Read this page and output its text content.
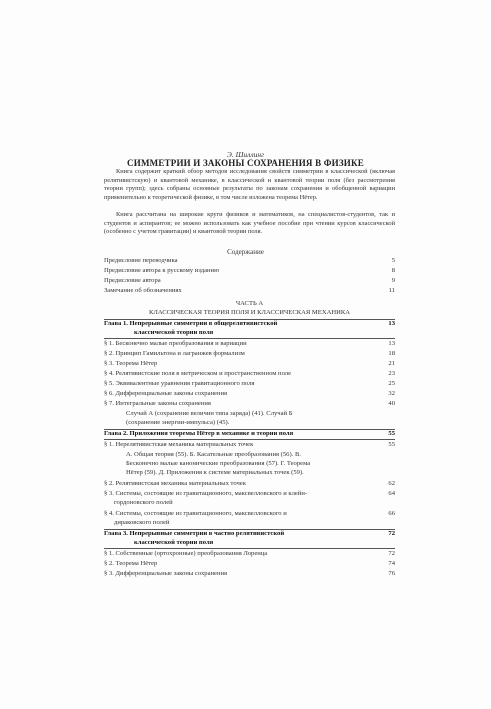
Э. Шиллинг
СИММЕТРИИ И ЗАКОНЫ СОХРАНЕНИЯ В ФИЗИКЕ
Книга содержит краткий обзор методов исследования свойств симметрии в классической (включая релятивистскую) и квантовой механике, в классической и квантовой теории поля (без рассмотрения теории групп); здесь собраны основные результаты по законам сохранения и обобщенной вариации применительно к теоретической физике, в том числе изложена теорема Нётер.
Книга рассчитана на широкие круги физиков и математиков, на специалистов-студентов, так и студентов и аспирантов; ее можно использовать как учебное пособие при чтении курсов классической (особенно с учетом гравитации) и квантовой теории поля.
Содержание
Предисловие переводчика	5
Предисловие автора к русскому изданию	8
Предисловие автора	9
Замечание об обозначениях	11
ЧАСТЬ А
КЛАССИЧЕСКАЯ ТЕОРИЯ ПОЛЯ И КЛАССИЧЕСКАЯ МЕХАНИКА
Глава 1. Непрерывные симметрии в общерелятивистской	13
классической теории поля
§ 1. Бесконечно малые преобразования и вариации	13
§ 2. Принцип Гамильтона и лагранжев формализм	18
§ 3. Теорема Нётер	21
§ 4. Релятивистские поля в метрическом и пространственном поле	23
§ 5. Эквивалентные уравнения гравитационного поля	25
§ 6. Дифференциальные законы сохранения	32
§ 7. Интегральные законы сохранения	40
Случай А (сохранение величин типа заряда) (41). Случай Б
(сохранение энергии-импульса) (45).
Глава 2. Приложения теоремы Нётер в механике и теории поля	55
§ 1. Нерелятивистская механика материальных точек	55
А. Общая теория (55). Б. Касательные преобразования (56). В.
Бесконечно малые канонические преобразования (57). Г. Теорема
Нётер (59). Д. Приложения к системе материальных точек (59).
§ 2. Релятивистская механика материальных точек	62
§ 3. Системы, состоящие из гравитационного, максвелловского и клейн-	64
гордоновского полей
§ 4. Системы, состоящие из гравитационного, максвелловского и	66
дираковского полей
Глава 3. Непрерывные симметрии в частно релятивистской	72
классической теории поля
§ 1. Собственные (ортохронные) преобразования Лоренца	72
§ 2. Теорема Нётер	74
§ 3. Дифференциальные законы сохранения	76
